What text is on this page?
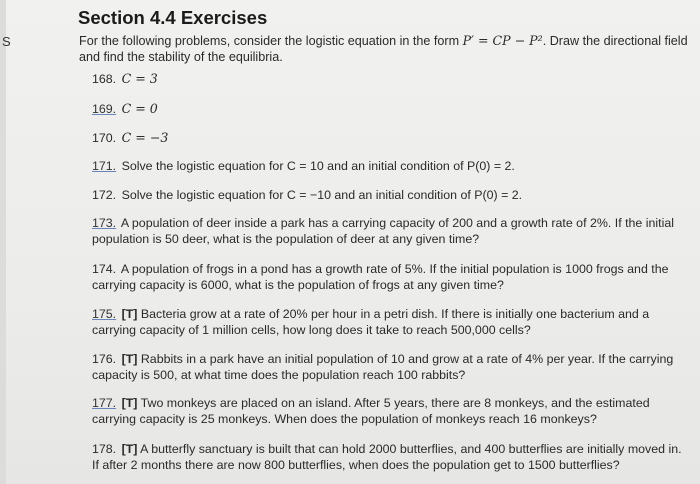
S
Section 4.4 Exercises
For the following problems, consider the logistic equation in the form P′ = CP − P². Draw the directional field and find the stability of the equilibria.
168. C = 3
169. C = 0
170. C = −3
171. Solve the logistic equation for C = 10 and an initial condition of P(0) = 2.
172. Solve the logistic equation for C = −10 and an initial condition of P(0) = 2.
173. A population of deer inside a park has a carrying capacity of 200 and a growth rate of 2%. If the initial population is 50 deer, what is the population of deer at any given time?
174. A population of frogs in a pond has a growth rate of 5%. If the initial population is 1000 frogs and the carrying capacity is 6000, what is the population of frogs at any given time?
175. [T] Bacteria grow at a rate of 20% per hour in a petri dish. If there is initially one bacterium and a carrying capacity of 1 million cells, how long does it take to reach 500,000 cells?
176. [T] Rabbits in a park have an initial population of 10 and grow at a rate of 4% per year. If the carrying capacity is 500, at what time does the population reach 100 rabbits?
177. [T] Two monkeys are placed on an island. After 5 years, there are 8 monkeys, and the estimated carrying capacity is 25 monkeys. When does the population of monkeys reach 16 monkeys?
178. [T] A butterfly sanctuary is built that can hold 2000 butterflies, and 400 butterflies are initially moved in. If after 2 months there are now 800 butterflies, when does the population get to 1500 butterflies?
